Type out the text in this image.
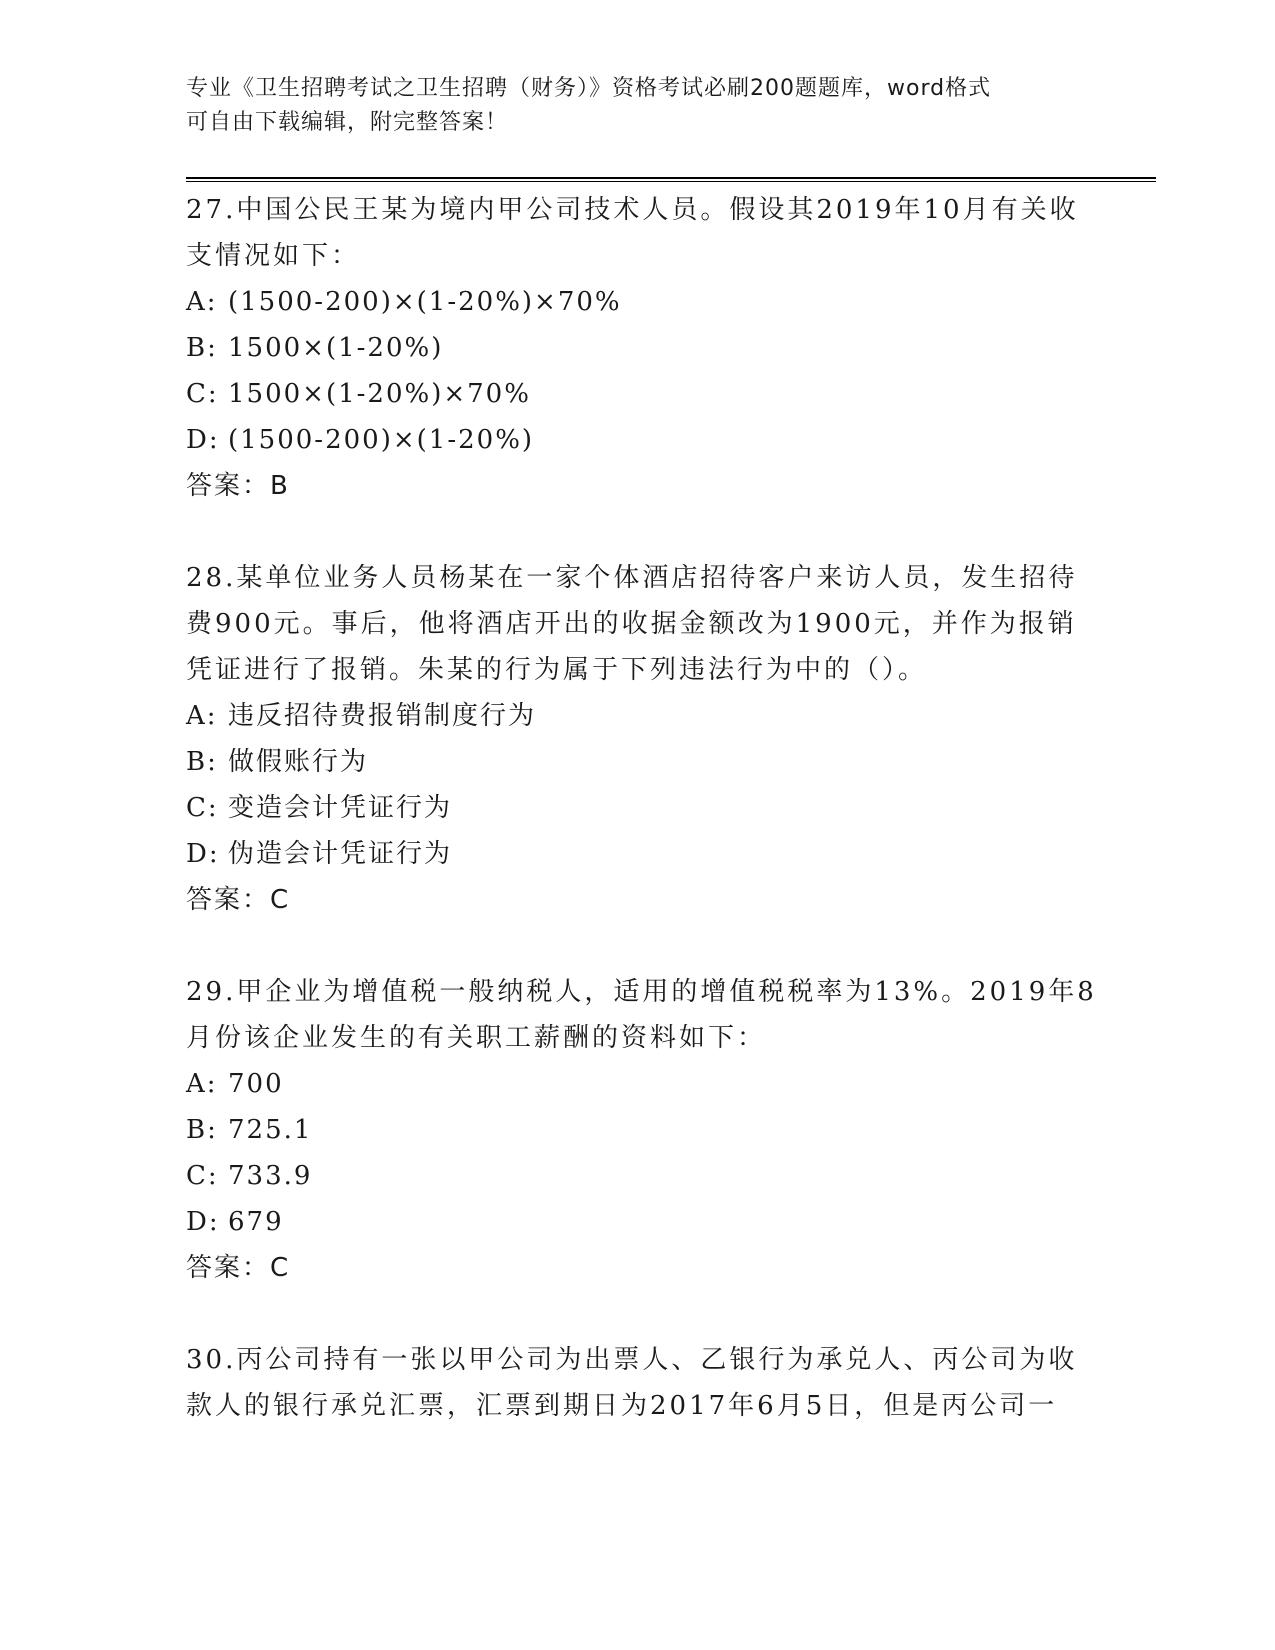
专业《卫生招聘考试之卫生招聘（财务）》资格考试必刷200题题库，word格式
可自由下载编辑，附完整答案！
27.中国公民王某为境内甲公司技术人员。假设其2019年10月有关收
支情况如下：
A: (1500-200)×(1-20%)×70%
B: 1500×(1-20%)
C: 1500×(1-20%)×70%
D: (1500-200)×(1-20%)
答案：B
28.某单位业务人员杨某在一家个体酒店招待客户来访人员，发生招待
费900元。事后，他将酒店开出的收据金额改为1900元，并作为报销
凭证进行了报销。朱某的行为属于下列违法行为中的（）。
A: 违反招待费报销制度行为
B: 做假账行为
C: 变造会计凭证行为
D: 伪造会计凭证行为
答案：C
29.甲企业为增值税一般纳税人，适用的增值税税率为13%。2019年8
月份该企业发生的有关职工薪酬的资料如下：
A: 700
B: 725.1
C: 733.9
D: 679
答案：C
30.丙公司持有一张以甲公司为出票人、乙银行为承兑人、丙公司为收
款人的银行承兑汇票，汇票到期日为2017年6月5日，但是丙公司一
